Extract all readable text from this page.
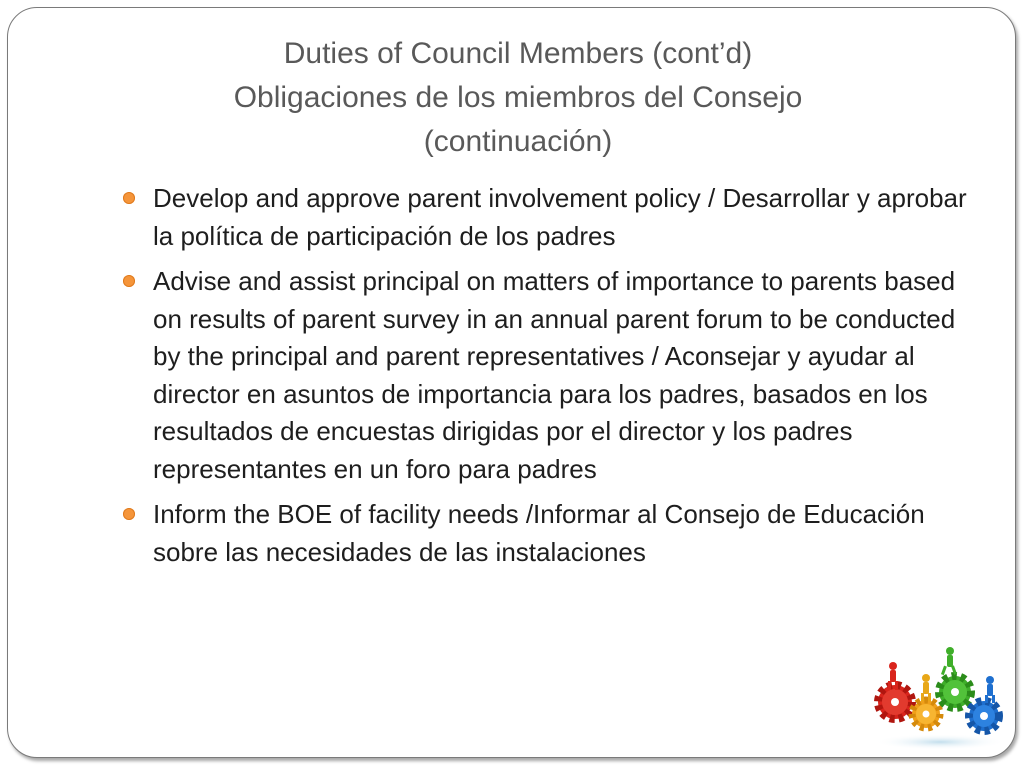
Duties of Council Members (cont’d)
Obligaciones de los miembros del Consejo
(continuación)
Develop and approve parent involvement policy / Desarrollar y aprobar la política de participación de los padres
Advise and assist principal on matters of importance to parents based on results of parent survey in an annual parent forum to be conducted by the principal and parent representatives / Aconsejar y ayudar al director en asuntos de importancia para los padres, basados en los resultados de encuestas dirigidas por el director y los padres representantes en un foro para padres
Inform the BOE of facility needs /Informar al Consejo de Educación sobre las necesidades de las instalaciones
